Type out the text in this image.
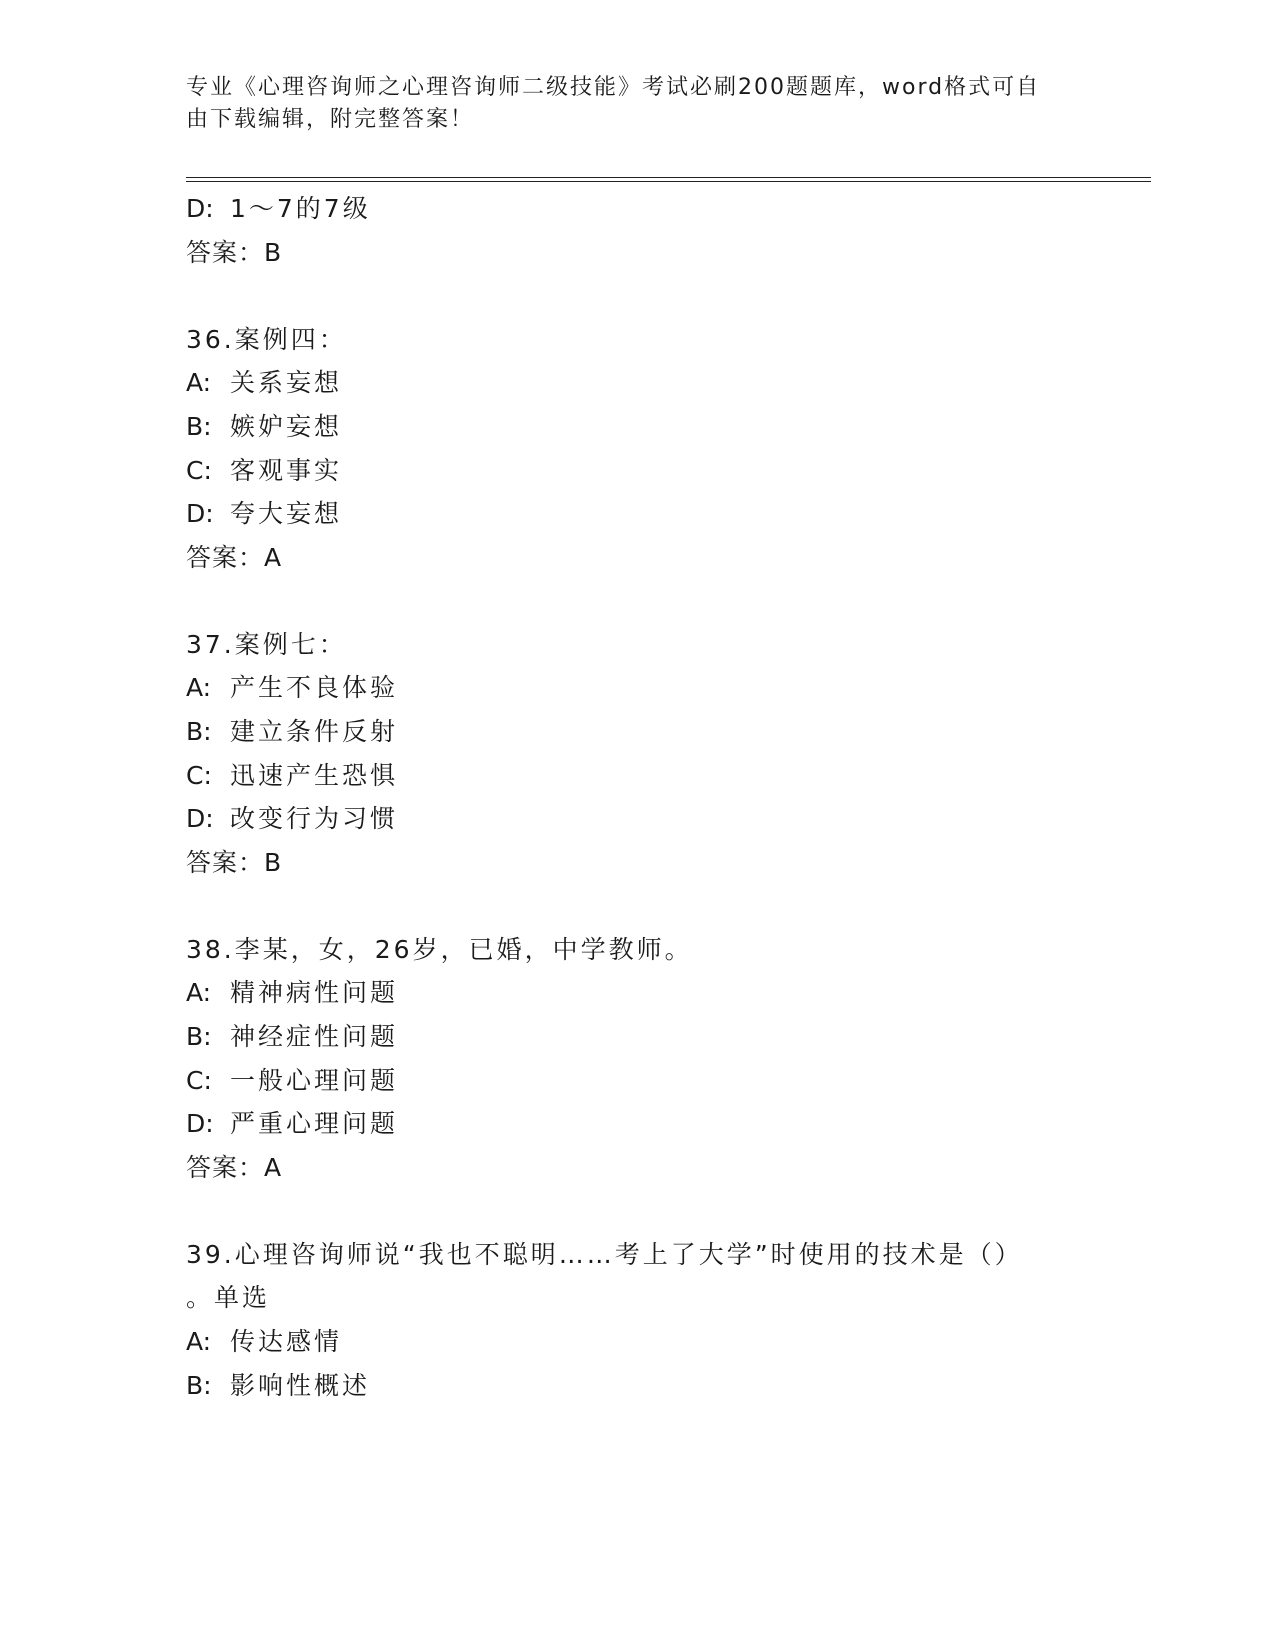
专业《心理咨询师之心理咨询师二级技能》考试必刷200题题库，word格式可自
由下载编辑，附完整答案！
D: 1～7的7级
答案：B
36.案例四：
A: 关系妄想
B: 嫉妒妄想
C: 客观事实
D: 夸大妄想
答案：A
37.案例七：
A: 产生不良体验
B: 建立条件反射
C: 迅速产生恐惧
D: 改变行为习惯
答案：B
38.李某，女，26岁，已婚，中学教师。
A: 精神病性问题
B: 神经症性问题
C: 一般心理问题
D: 严重心理问题
答案：A
39.心理咨询师说“我也不聪明……考上了大学”时使用的技术是（）
。单选
A: 传达感情
B: 影响性概述
